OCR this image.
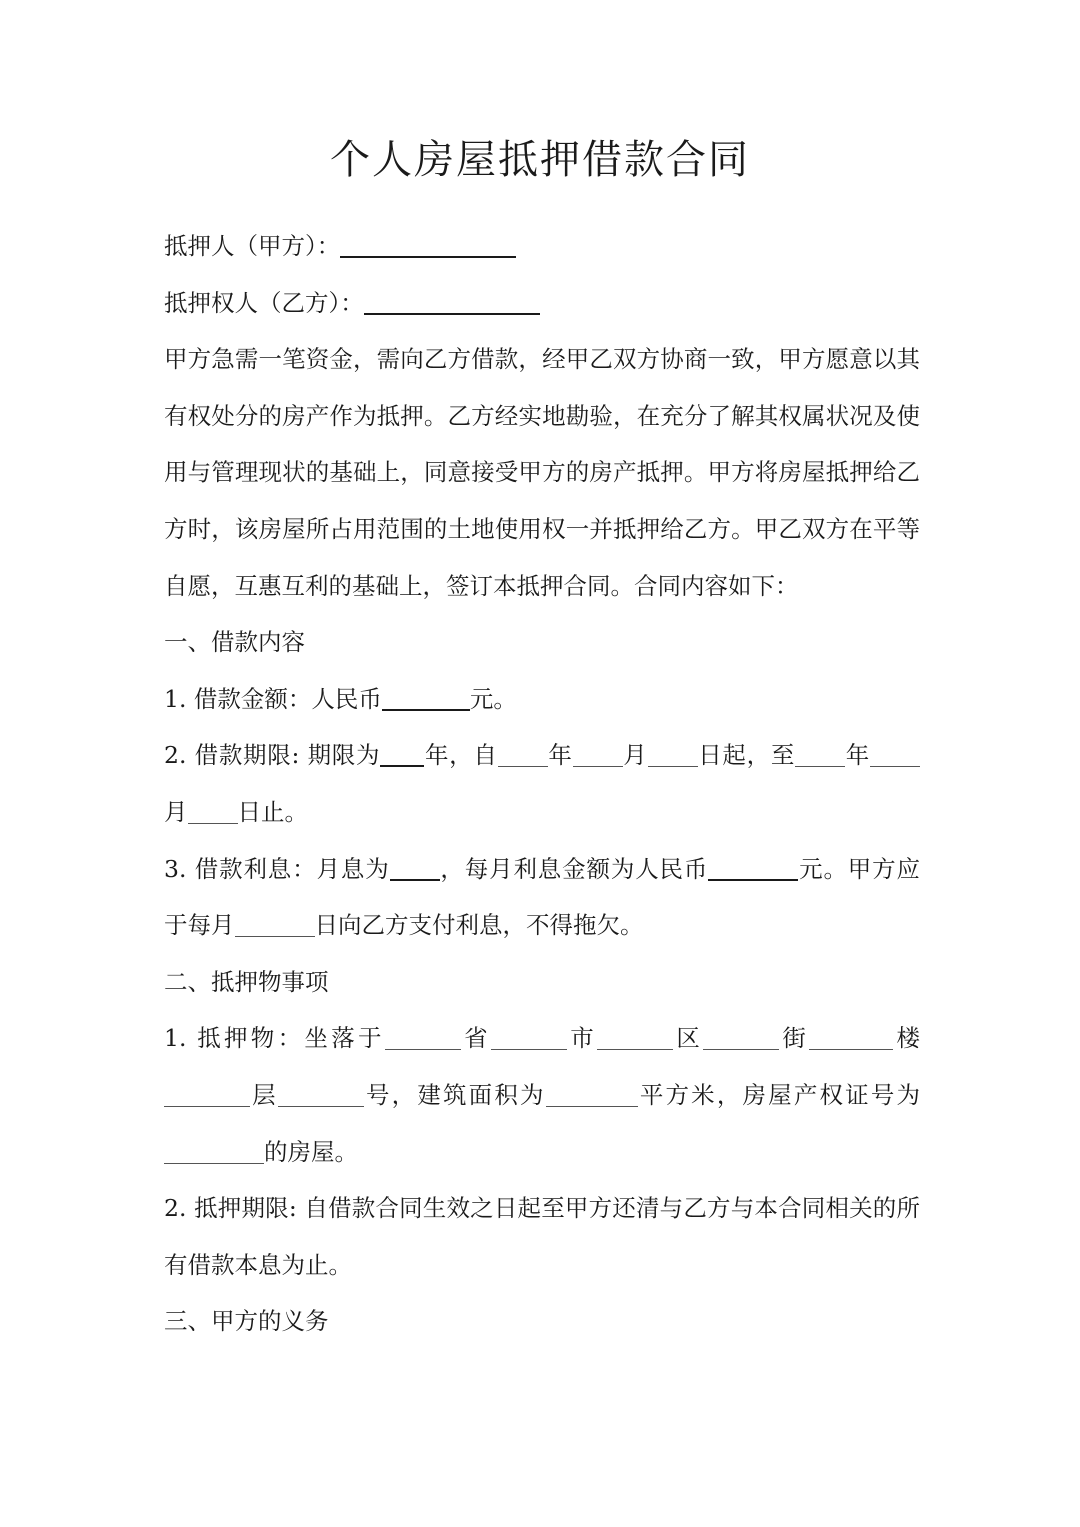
个人房屋抵押借款合同
抵押人（甲方）：
抵押权人（乙方）：
甲方急需一笔资金，需向乙方借款，经甲乙双方协商一致，甲方愿意以其有权处分的房产作为抵押。乙方经实地勘验，在充分了解其权属状况及使用与管理现状的基础上，同意接受甲方的房产抵押。甲方将房屋抵押给乙方时，该房屋所占用范围的土地使用权一并抵押给乙方。甲乙双方在平等自愿，互惠互利的基础上，签订本抵押合同。合同内容如下：
一、借款内容
1. 借款金额：人民币	元。
2. 借款期限: 期限为 年，自 年 月 日起，至 年月 日止。
3. 借款利息：月息为 ，每月利息金额为人民币	元。甲方应于每月	日向乙方支付利息，不得拖欠。
二、抵押物事项
1. 抵押物：坐落于	省	市	区	街	楼层	号，建筑面积为	平方米，房屋产权证号为的房屋。
2. 抵押期限: 自借款合同生效之日起至甲方还清与乙方与本合同相关的所有借款本息为止。
三、甲方的义务
